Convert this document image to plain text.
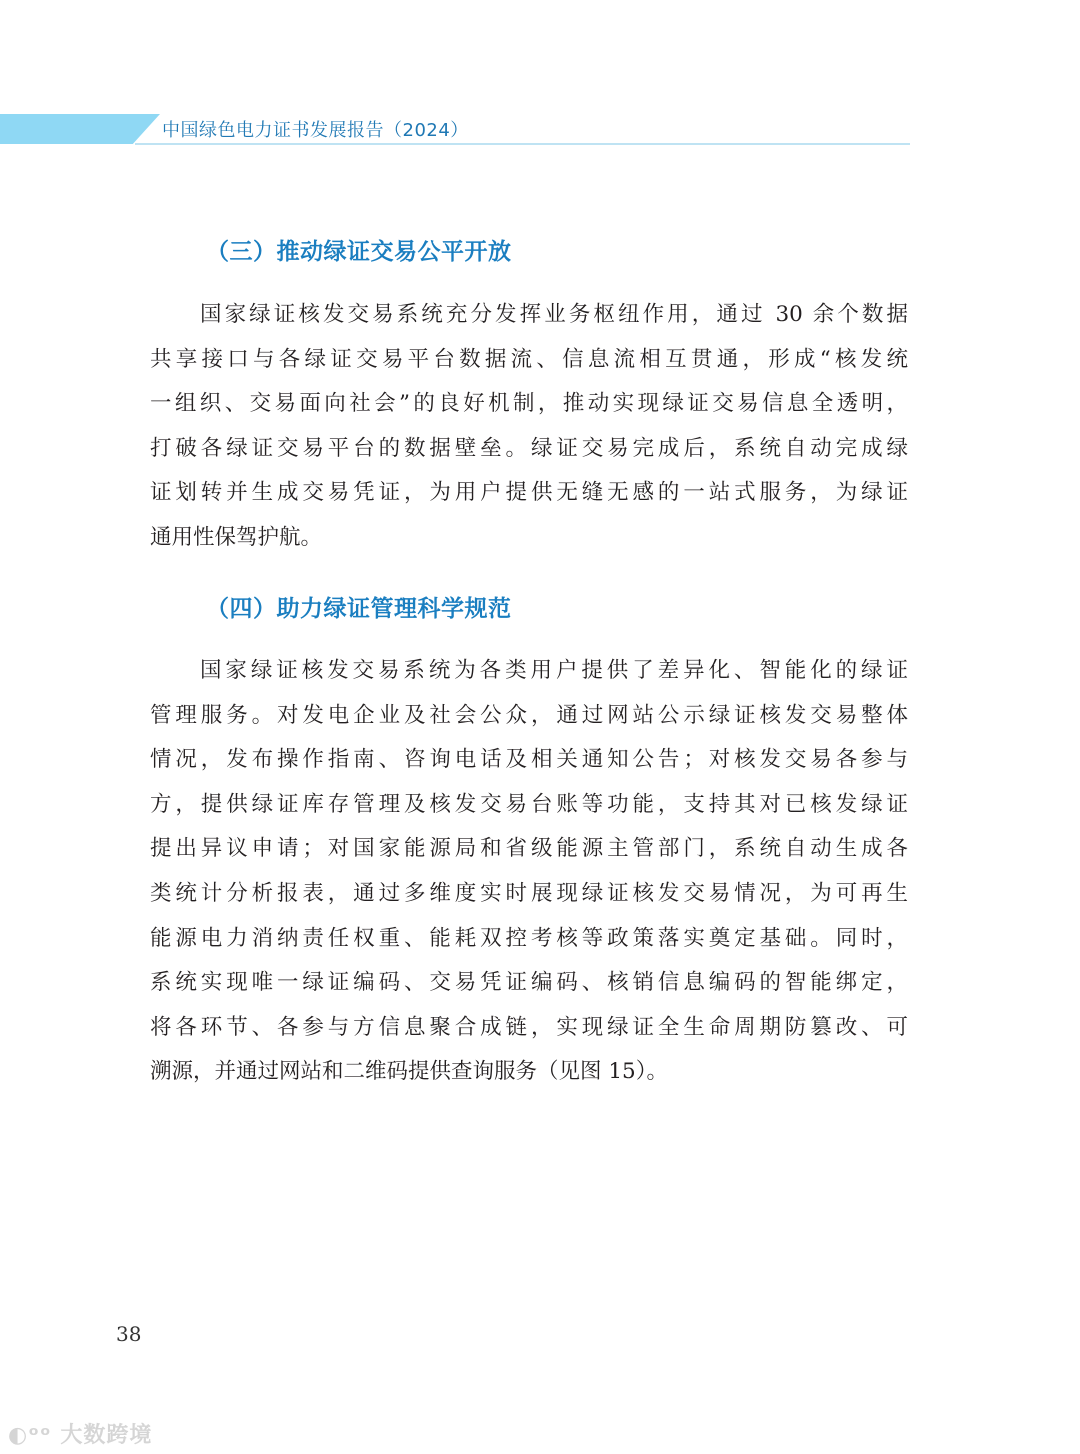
中国绿色电力证书发展报告（2024）
（三）推动绿证交易公平开放
国家绿证核发交易系统充分发挥业务枢纽作用，通过 30 余个数据
共享接口与各绿证交易平台数据流、信息流相互贯通，形成“核发统
一组织、交易面向社会”的良好机制，推动实现绿证交易信息全透明，
打破各绿证交易平台的数据壁垒。绿证交易完成后，系统自动完成绿
证划转并生成交易凭证，为用户提供无缝无感的一站式服务，为绿证
通用性保驾护航。
（四）助力绿证管理科学规范
国家绿证核发交易系统为各类用户提供了差异化、智能化的绿证
管理服务。对发电企业及社会公众，通过网站公示绿证核发交易整体
情况，发布操作指南、咨询电话及相关通知公告；对核发交易各参与
方，提供绿证库存管理及核发交易台账等功能，支持其对已核发绿证
提出异议申请；对国家能源局和省级能源主管部门，系统自动生成各
类统计分析报表，通过多维度实时展现绿证核发交易情况，为可再生
能源电力消纳责任权重、能耗双控考核等政策落实奠定基础。同时，
系统实现唯一绿证编码、交易凭证编码、核销信息编码的智能绑定，
将各环节、各参与方信息聚合成链，实现绿证全生命周期防篡改、可
溯源，并通过网站和二维码提供查询服务（见图 15）。
38
◐ᵒᵒ 大数跨境
